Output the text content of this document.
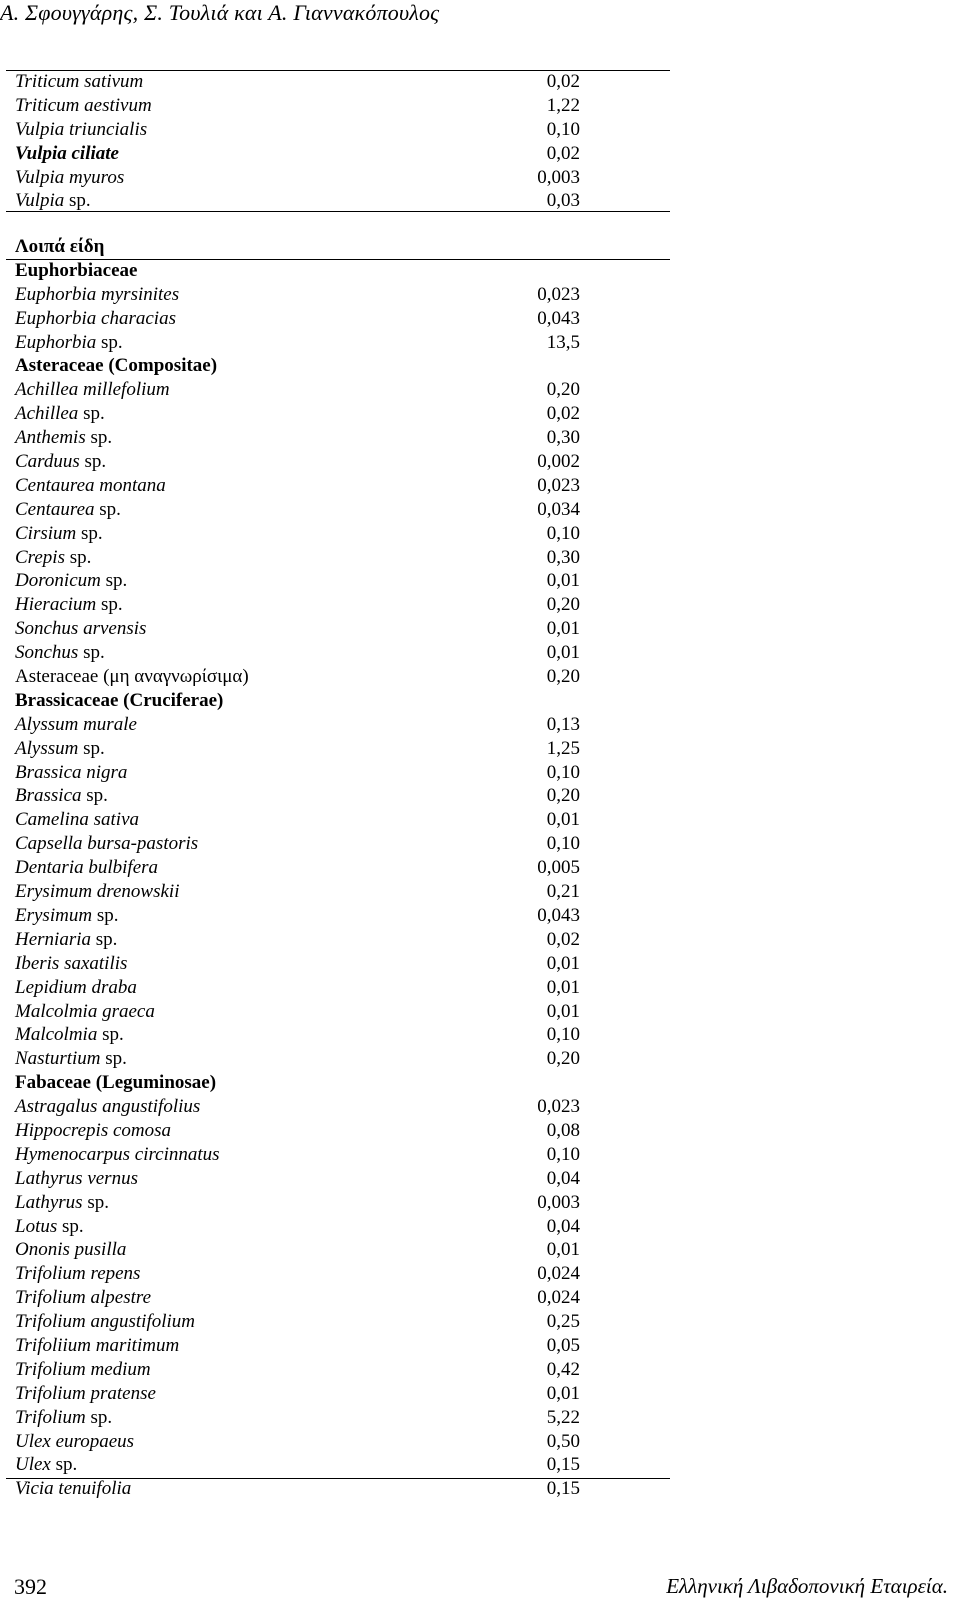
Α. Σφουγγάρης, Σ. Τουλιά και Α. Γιαννακόπουλος
Triticum sativum	0,02
Triticum aestivum	1,22
Vulpia triuncialis	0,10
Vulpia ciliate	0,02
Vulpia myuros	0,003
Vulpia sp.	0,03
Λοιπά είδη
Euphorbiaceae
Euphorbia myrsinites	0,023
Euphorbia characias	0,043
Euphorbia sp.	13,5
Asteraceae (Compositae)
Achillea millefolium	0,20
Achillea sp.	0,02
Anthemis sp.	0,30
Carduus sp.	0,002
Centaurea montana	0,023
Centaurea sp.	0,034
Cirsium sp.	0,10
Crepis sp.	0,30
Doronicum sp.	0,01
Hieracium sp.	0,20
Sonchus arvensis	0,01
Sonchus sp.	0,01
Asteraceae (μη αναγνωρίσιμα)	0,20
Brassicaceae (Cruciferae)
Alyssum murale	0,13
Alyssum sp.	1,25
Brassica nigra	0,10
Brassica sp.	0,20
Camelina sativa	0,01
Capsella bursa-pastoris	0,10
Dentaria bulbifera	0,005
Erysimum drenowskii	0,21
Erysimum sp.	0,043
Herniaria sp.	0,02
Iberis saxatilis	0,01
Lepidium draba	0,01
Malcolmia graeca	0,01
Malcolmia sp.	0,10
Nasturtium sp.	0,20
Fabaceae (Leguminosae)
Astragalus angustifolius	0,023
Hippocrepis comosa	0,08
Hymenocarpus circinnatus	0,10
Lathyrus vernus	0,04
Lathyrus sp.	0,003
Lotus sp.	0,04
Ononis pusilla	0,01
Trifolium repens	0,024
Trifolium alpestre	0,024
Trifolium angustifolium	0,25
Trifoliium maritimum	0,05
Trifolium medium	0,42
Trifolium pratense	0,01
Trifolium sp.	5,22
Ulex europaeus	0,50
Ulex sp.	0,15
Vicia tenuifolia	0,15
392	Ελληνική Λιβαδοπονική Εταιρεία.
